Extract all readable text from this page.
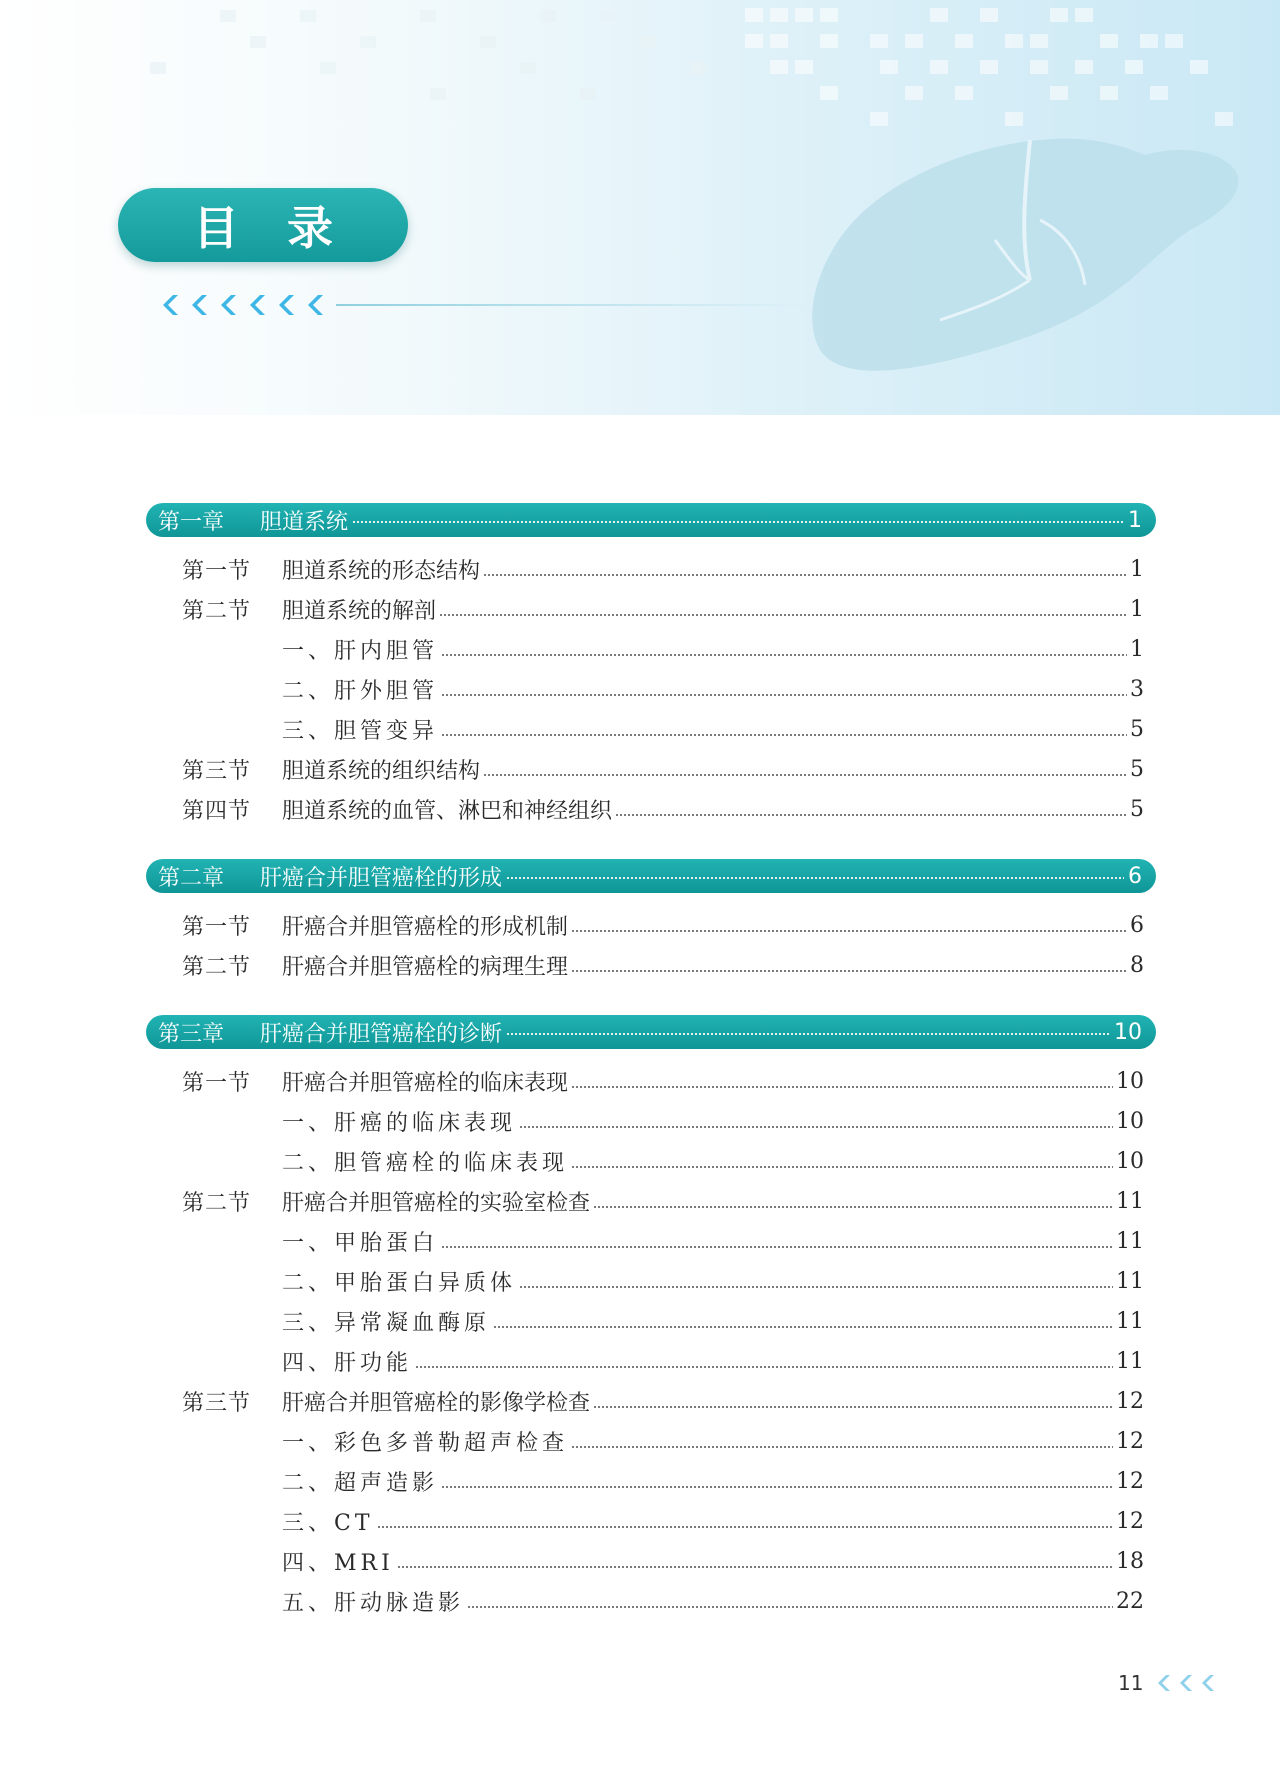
目录
第一章	胆道系统	1
第一节	胆道系统的形态结构	1
第二节	胆道系统的解剖	1
一、肝内胆管	1
二、肝外胆管	3
三、胆管变异	5
第三节	胆道系统的组织结构	5
第四节	胆道系统的血管、淋巴和神经组织	5
第二章	肝癌合并胆管癌栓的形成	6
第一节	肝癌合并胆管癌栓的形成机制	6
第二节	肝癌合并胆管癌栓的病理生理	8
第三章	肝癌合并胆管癌栓的诊断	10
第一节	肝癌合并胆管癌栓的临床表现	10
一、肝癌的临床表现	10
二、胆管癌栓的临床表现	10
第二节	肝癌合并胆管癌栓的实验室检查	11
一、甲胎蛋白	11
二、甲胎蛋白异质体	11
三、异常凝血酶原	11
四、肝功能	11
第三节	肝癌合并胆管癌栓的影像学检查	12
一、彩色多普勒超声检查	12
二、超声造影	12
三、CT	12
四、MRI	18
五、肝动脉造影	22
11
